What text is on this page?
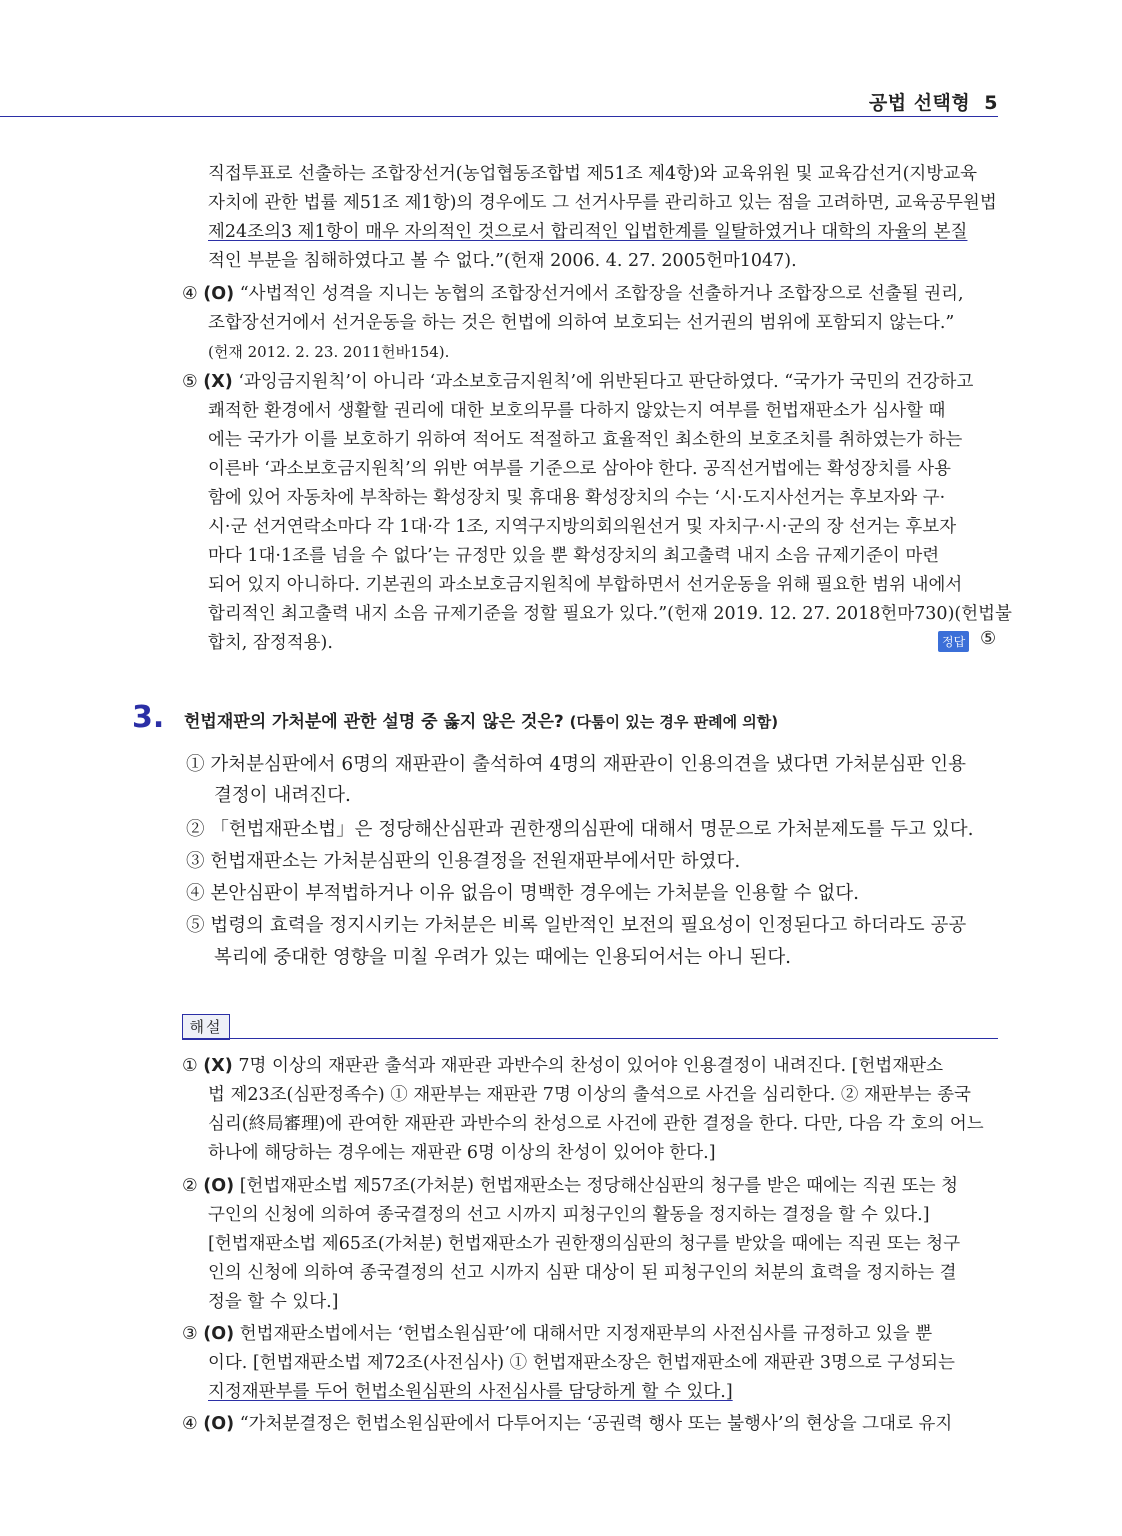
공법 선택형 5
직접투표로 선출하는 조합장선거(농업협동조합법 제51조 제4항)와 교육위원 및 교육감선거(지방교육
자치에 관한 법률 제51조 제1항)의 경우에도 그 선거사무를 관리하고 있는 점을 고려하면, 교육공무원법
제24조의3 제1항이 매우 자의적인 것으로서 합리적인 입법한계를 일탈하였거나 대학의 자율의 본질
적인 부분을 침해하였다고 볼 수 없다.”(헌재 2006. 4. 27. 2005헌마1047).
④ (O) “사법적인 성격을 지니는 농협의 조합장선거에서 조합장을 선출하거나 조합장으로 선출될 권리,
조합장선거에서 선거운동을 하는 것은 헌법에 의하여 보호되는 선거권의 범위에 포함되지 않는다.”
(헌재 2012. 2. 23. 2011헌바154).
⑤ (X) ‘과잉금지원칙’이 아니라 ‘과소보호금지원칙’에 위반된다고 판단하였다. “국가가 국민의 건강하고
쾌적한 환경에서 생활할 권리에 대한 보호의무를 다하지 않았는지 여부를 헌법재판소가 심사할 때
에는 국가가 이를 보호하기 위하여 적어도 적절하고 효율적인 최소한의 보호조치를 취하였는가 하는
이른바 ‘과소보호금지원칙’의 위반 여부를 기준으로 삼아야 한다. 공직선거법에는 확성장치를 사용
함에 있어 자동차에 부착하는 확성장치 및 휴대용 확성장치의 수는 ‘시·도지사선거는 후보자와 구·
시·군 선거연락소마다 각 1대·각 1조, 지역구지방의회의원선거 및 자치구·시·군의 장 선거는 후보자
마다 1대·1조를 넘을 수 없다’는 규정만 있을 뿐 확성장치의 최고출력 내지 소음 규제기준이 마련
되어 있지 아니하다. 기본권의 과소보호금지원칙에 부합하면서 선거운동을 위해 필요한 범위 내에서
합리적인 최고출력 내지 소음 규제기준을 정할 필요가 있다.”(헌재 2019. 12. 27. 2018헌마730)(헌법불
합치, 잠정적용).	정답 ⑤
3. 헌법재판의 가처분에 관한 설명 중 옳지 않은 것은? (다툼이 있는 경우 판례에 의함)
① 가처분심판에서 6명의 재판관이 출석하여 4명의 재판관이 인용의견을 냈다면 가처분심판 인용
결정이 내려진다.
② 「헌법재판소법」은 정당해산심판과 권한쟁의심판에 대해서 명문으로 가처분제도를 두고 있다.
③ 헌법재판소는 가처분심판의 인용결정을 전원재판부에서만 하였다.
④ 본안심판이 부적법하거나 이유 없음이 명백한 경우에는 가처분을 인용할 수 없다.
⑤ 법령의 효력을 정지시키는 가처분은 비록 일반적인 보전의 필요성이 인정된다고 하더라도 공공
복리에 중대한 영향을 미칠 우려가 있는 때에는 인용되어서는 아니 된다.
해설
① (X) 7명 이상의 재판관 출석과 재판관 과반수의 찬성이 있어야 인용결정이 내려진다. [헌법재판소
법 제23조(심판정족수) ① 재판부는 재판관 7명 이상의 출석으로 사건을 심리한다. ② 재판부는 종국
심리(終局審理)에 관여한 재판관 과반수의 찬성으로 사건에 관한 결정을 한다. 다만, 다음 각 호의 어느
하나에 해당하는 경우에는 재판관 6명 이상의 찬성이 있어야 한다.]
② (O) [헌법재판소법 제57조(가처분) 헌법재판소는 정당해산심판의 청구를 받은 때에는 직권 또는 청
구인의 신청에 의하여 종국결정의 선고 시까지 피청구인의 활동을 정지하는 결정을 할 수 있다.]
[헌법재판소법 제65조(가처분) 헌법재판소가 권한쟁의심판의 청구를 받았을 때에는 직권 또는 청구
인의 신청에 의하여 종국결정의 선고 시까지 심판 대상이 된 피청구인의 처분의 효력을 정지하는 결
정을 할 수 있다.]
③ (O) 헌법재판소법에서는 ‘헌법소원심판’에 대해서만 지정재판부의 사전심사를 규정하고 있을 뿐
이다. [헌법재판소법 제72조(사전심사) ① 헌법재판소장은 헌법재판소에 재판관 3명으로 구성되는
지정재판부를 두어 헌법소원심판의 사전심사를 담당하게 할 수 있다.]
④ (O) “가처분결정은 헌법소원심판에서 다투어지는 ‘공권력 행사 또는 불행사’의 현상을 그대로 유지
